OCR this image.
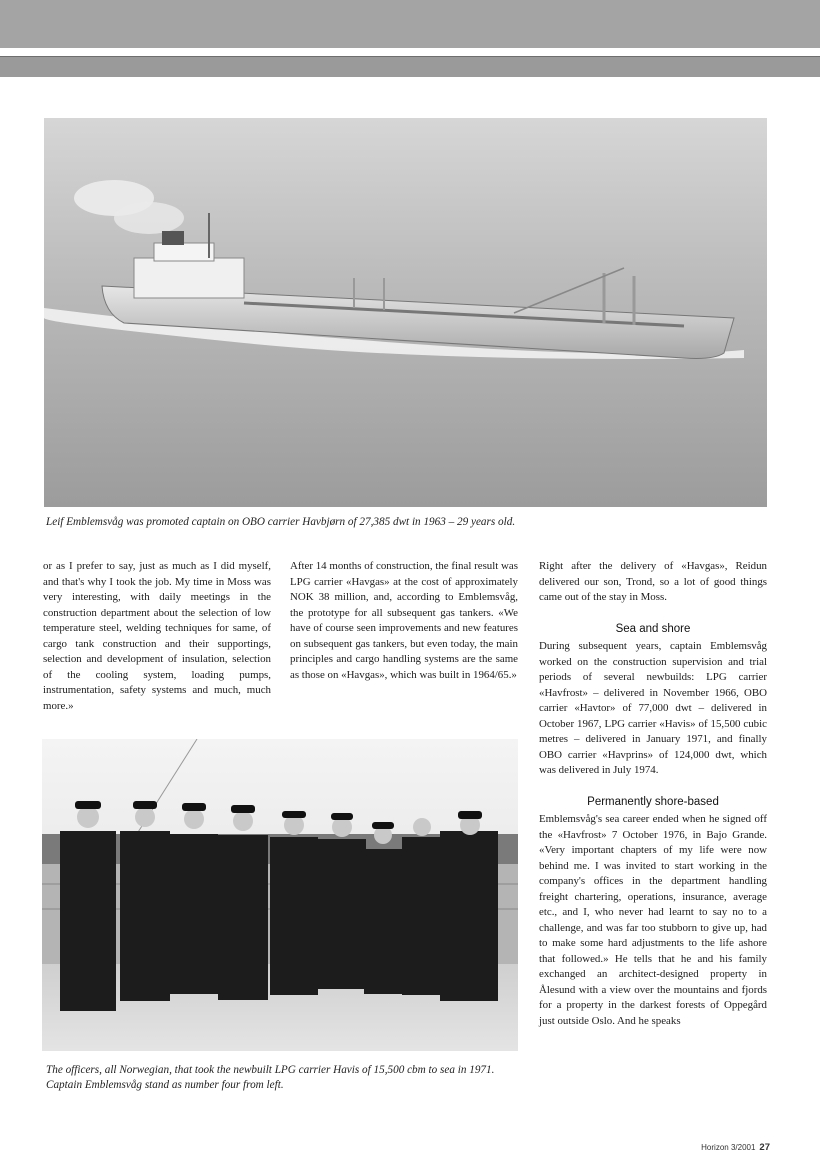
Leif Emblemsvåg was promoted captain on OBO carrier Havbjørn of 27,385 dwt in 1963 – 29 years old.

or as I prefer to say, just as much as I did myself, and that's why I took the job. My time in Moss was very interesting, with daily meetings in the construction department about the selection of low temperature steel, welding techniques for same, of cargo tank construction and their supportings, selection and development of insulation, selection of the cooling system, loading pumps, instrumentation, safety systems and much, much more.»

After 14 months of construction, the final result was LPG carrier «Havgas» at the cost of approximately NOK 38 million, and, according to Emblemsvåg, the prototype for all subsequent gas tankers. «We have of course seen improvements and new features on subsequent gas tankers, but even today, the main principles and cargo handling systems are the same as those on «Havgas», which was built in 1964/65.»

Right after the delivery of «Havgas», Reidun delivered our son, Trond, so a lot of good things came out of the stay in Moss.

Sea and shore

During subsequent years, captain Emblemsvåg worked on the construction supervision and trial periods of several newbuilds: LPG carrier «Havfrost» – delivered in November 1966, OBO carrier «Havtor» of 77,000 dwt – delivered in October 1967, LPG carrier «Havis» of 15,500 cubic metres – delivered in January 1971, and finally OBO carrier «Havprins» of 124,000 dwt, which was delivered in July 1974.

Permanently shore-based

Emblemsvåg's sea career ended when he signed off the «Havfrost» 7 October 1976, in Bajo Grande. «Very important chapters of my life were now behind me. I was invited to start working in the company's offices in the department handling freight chartering, operations, insurance, average etc., and I, who never had learnt to say no to a challenge, and was far too stubborn to give up, had to make some hard adjustments to the life ashore that followed.» He tells that he and his family exchanged an architect-designed property in Ålesund with a view over the mountains and fjords for a property in the darkest forests of Oppegård just outside Oslo. And he speaks

The officers, all Norwegian, that took the newbuilt LPG carrier Havis of 15,500 cbm to sea in 1971. Captain Emblemsvåg stand as number four from left.
Horizon 3/2001 27
